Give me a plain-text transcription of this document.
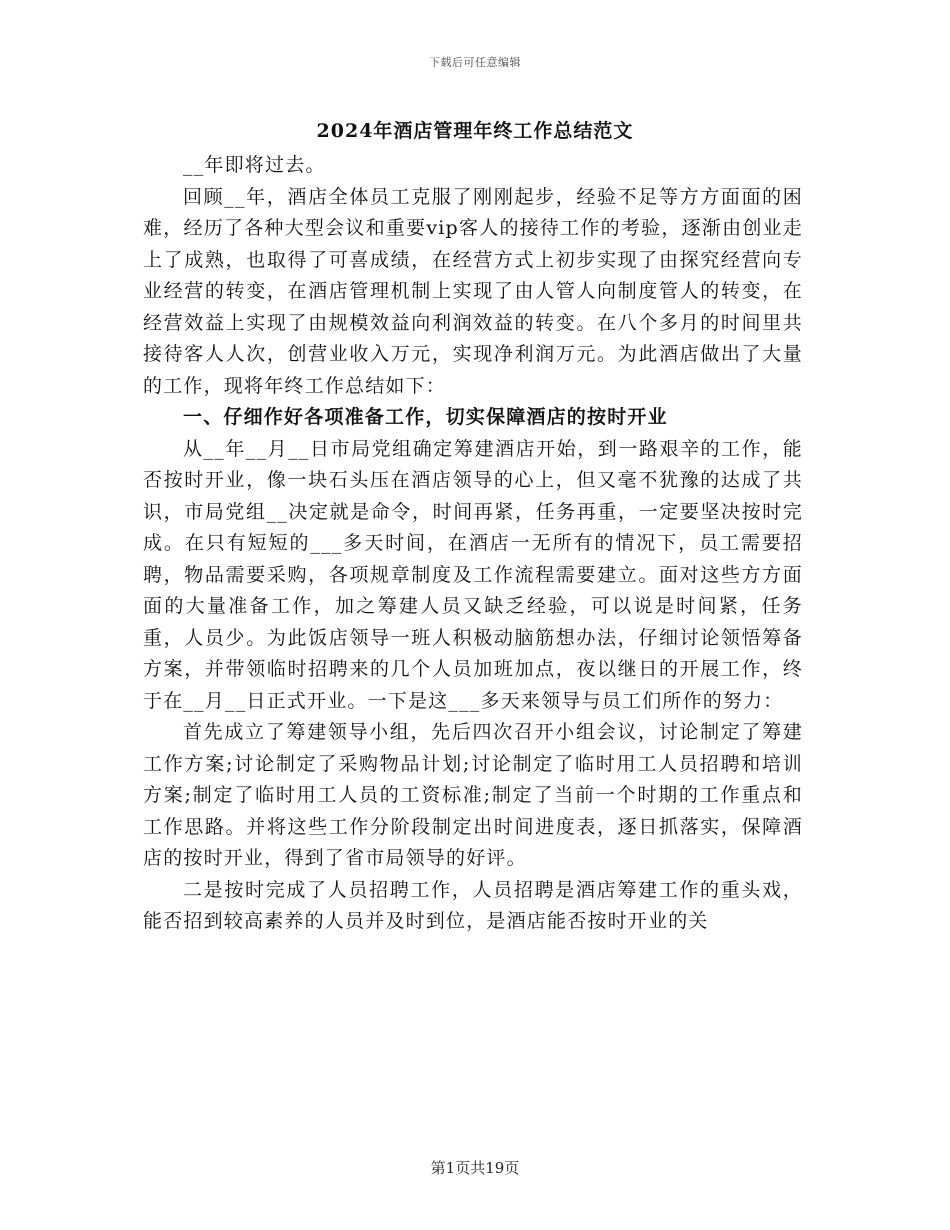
下载后可任意编辑
2024年酒店管理年终工作总结范文

__年即将过去。

回顾__年，酒店全体员工克服了刚刚起步，经验不足等方方面面的困难，经历了各种大型会议和重要vip客人的接待工作的考验，逐渐由创业走上了成熟，也取得了可喜成绩，在经营方式上初步实现了由探究经营向专业经营的转变，在酒店管理机制上实现了由人管人向制度管人的转变，在经营效益上实现了由规模效益向利润效益的转变。在八个多月的时间里共接待客人人次，创营业收入万元，实现净利润万元。为此酒店做出了大量的工作，现将年终工作总结如下：

一、仔细作好各项准备工作，切实保障酒店的按时开业

从__年__月__日市局党组确定筹建酒店开始，到一路艰辛的工作，能否按时开业，像一块石头压在酒店领导的心上，但又毫不犹豫的达成了共识，市局党组__决定就是命令，时间再紧，任务再重，一定要坚决按时完成。在只有短短的___多天时间，在酒店一无所有的情况下，员工需要招聘，物品需要采购，各项规章制度及工作流程需要建立。面对这些方方面面的大量准备工作，加之筹建人员又缺乏经验，可以说是时间紧，任务重，人员少。为此饭店领导一班人积极动脑筋想办法，仔细讨论领悟筹备方案，并带领临时招聘来的几个人员加班加点，夜以继日的开展工作，终于在__月__日正式开业。一下是这___多天来领导与员工们所作的努力：

首先成立了筹建领导小组，先后四次召开小组会议，讨论制定了筹建工作方案;讨论制定了采购物品计划;讨论制定了临时用工人员招聘和培训方案;制定了临时用工人员的工资标准;制定了当前一个时期的工作重点和工作思路。并将这些工作分阶段制定出时间进度表，逐日抓落实，保障酒店的按时开业，得到了省市局领导的好评。

二是按时完成了人员招聘工作，人员招聘是酒店筹建工作的重头戏，能否招到较高素养的人员并及时到位，是酒店能否按时开业的关

第1页共19页
